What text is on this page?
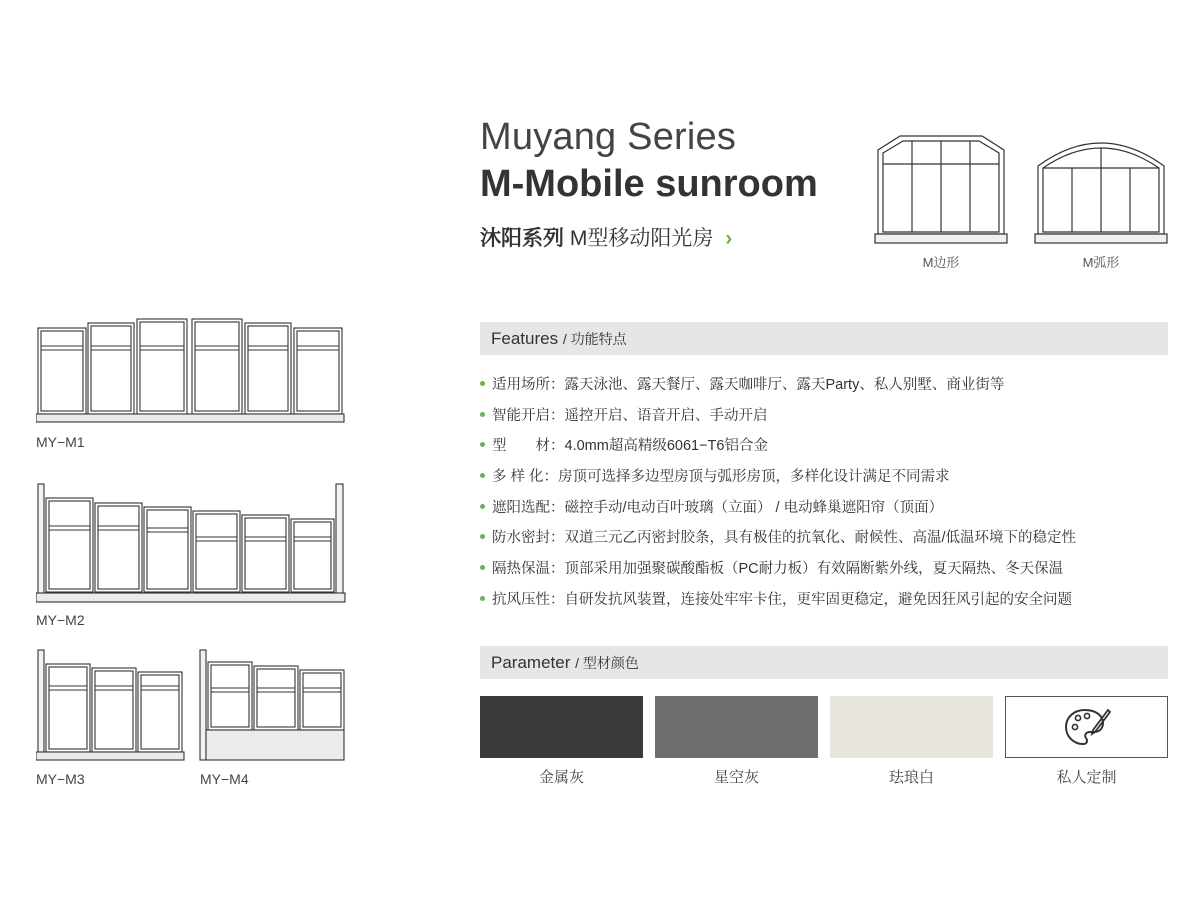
Muyang Series
M-Mobile sunroom
沐阳系列 M型移动阳光房 ›
M边形	M弧形
Features / 功能特点
适用场所：露天泳池、露天餐厅、露天咖啡厅、露天Party、私人别墅、商业街等
智能开启：遥控开启、语音开启、手动开启
型　　材：4.0mm超高精级6061−T6铝合金
多 样 化：房顶可选择多边型房顶与弧形房顶，多样化设计满足不同需求
遮阳选配：磁控手动/电动百叶玻璃（立面） / 电动蜂巢遮阳帘（顶面）
防水密封：双道三元乙丙密封胶条，具有极佳的抗氧化、耐候性、高温/低温环境下的稳定性
隔热保温：顶部采用加强聚碳酸酯板（PC耐力板）有效隔断紫外线，夏天隔热、冬天保温
抗风压性：自研发抗风装置，连接处牢牢卡住，更牢固更稳定，避免因狂风引起的安全问题
Parameter / 型材颜色
金属灰	星空灰	珐琅白	私人定制
MY−M1
MY−M2
MY−M3	MY−M4
